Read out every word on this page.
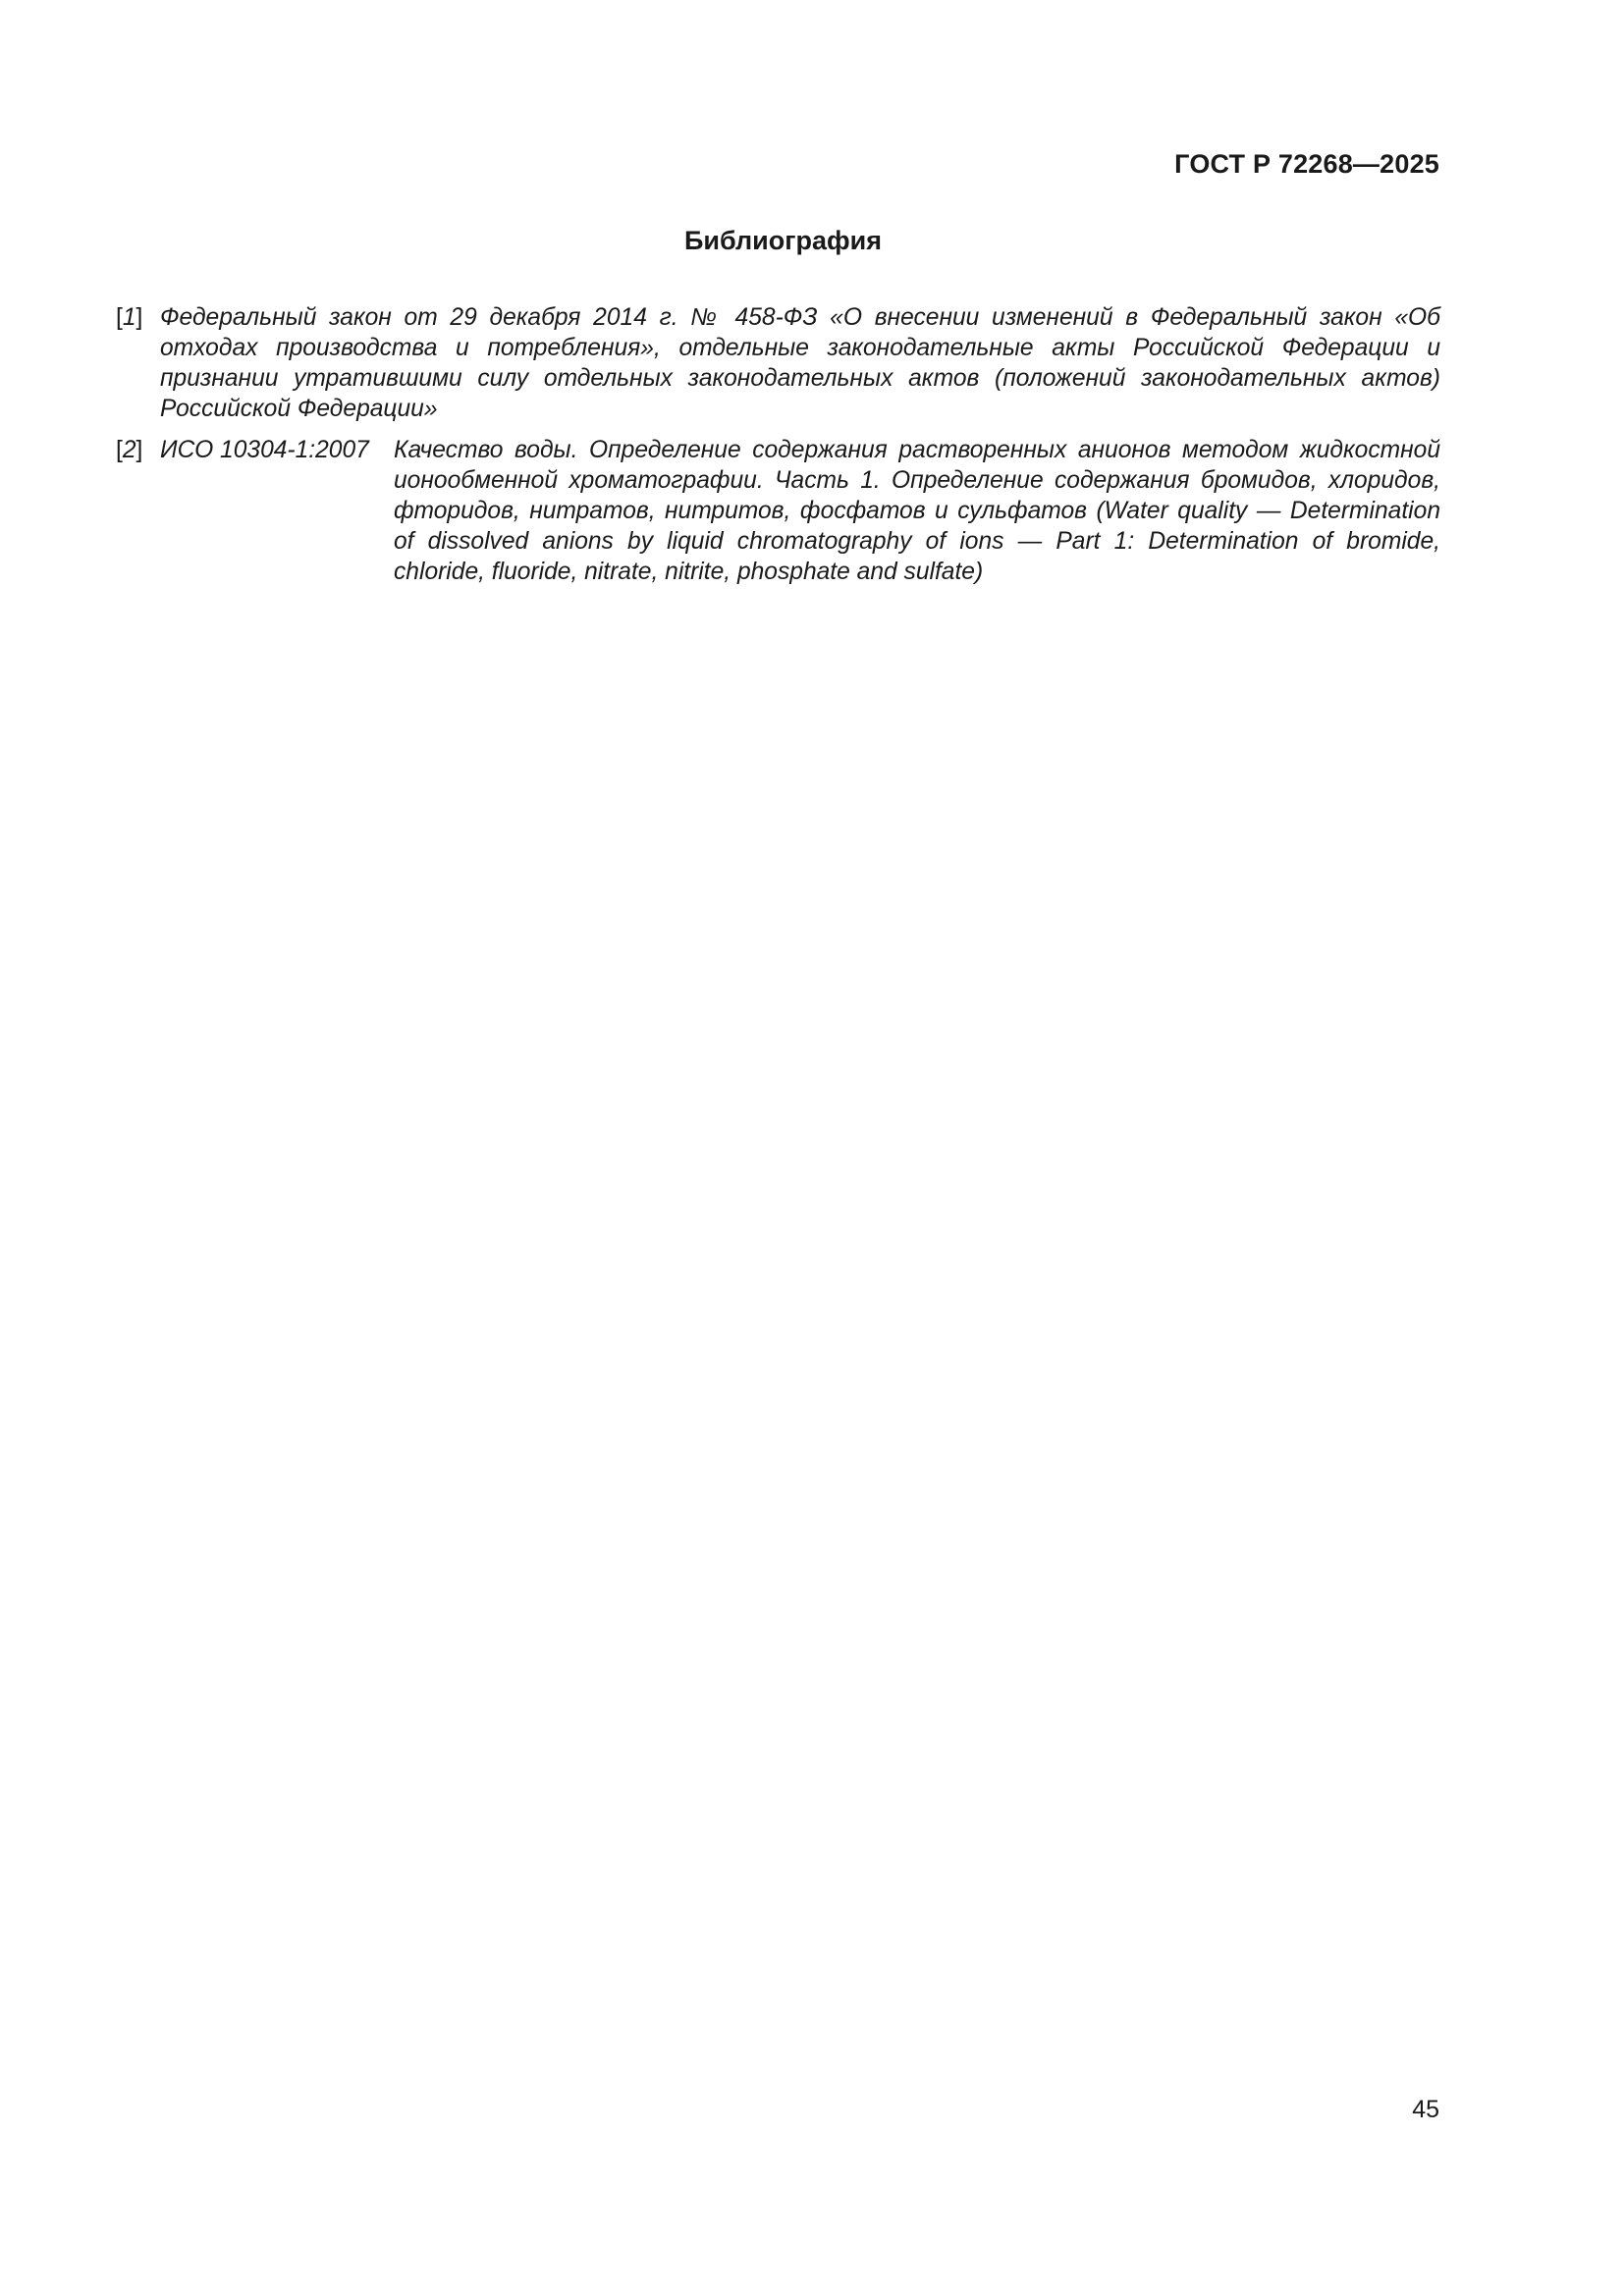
ГОСТ Р 72268—2025

Библиография
[1] Федеральный закон от 29 декабря 2014 г. № 458-ФЗ «О внесении изменений в Федеральный закон «Об отходах производства и потребления», отдельные законодательные акты Российской Федерации и признании утратившими силу отдельных законодательных актов (положений законодательных актов) Российской Федерации»
[2] ИСО 10304-1:2007 Качество воды. Определение содержания растворенных анионов методом жидкостной ионообменной хроматографии. Часть 1. Определение содержания бромидов, хлоридов, фторидов, нитратов, нитритов, фосфатов и сульфатов (Water quality — Determination of dissolved anions by liquid chromatography of ions — Part 1: Determination of bromide, chloride, fluoride, nitrate, nitrite, phosphate and sulfate)

45
